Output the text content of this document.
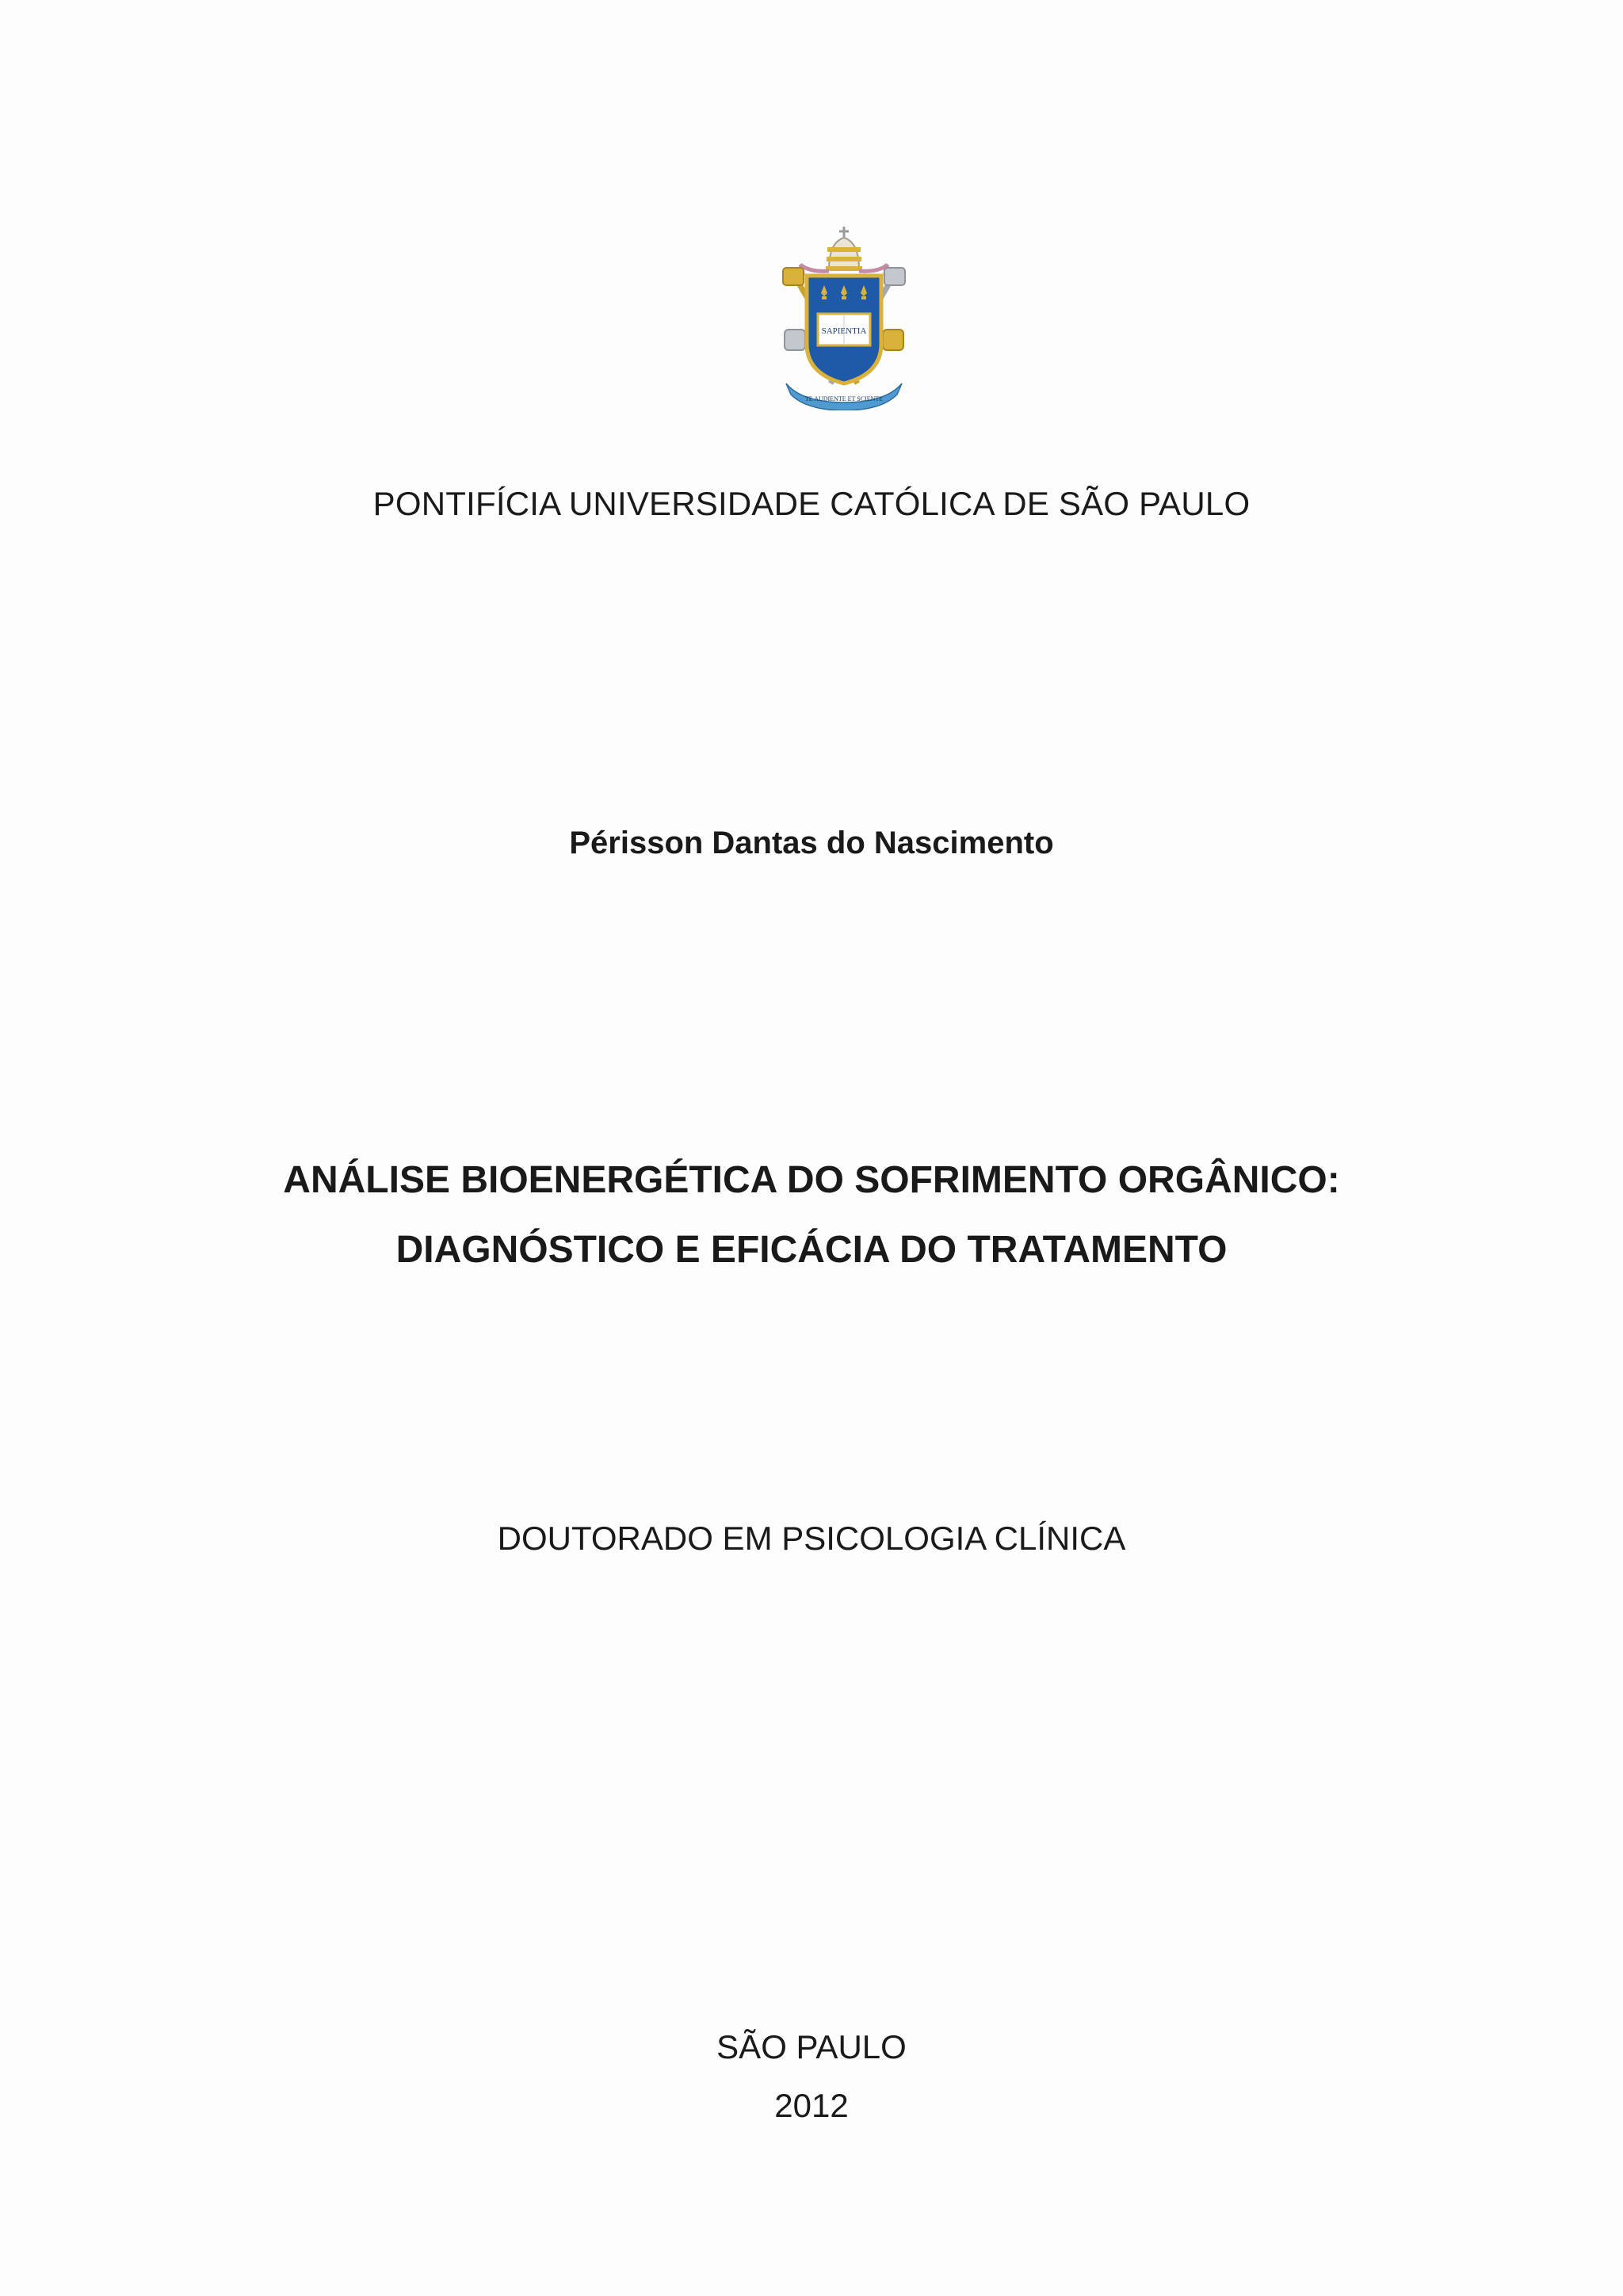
SAPIENTIA
TE AUDIENTE ET SCIENTE
PONTIFÍCIA UNIVERSIDADE CATÓLICA DE SÃO PAULO
Périsson Dantas do Nascimento
ANÁLISE BIOENERGÉTICA DO SOFRIMENTO ORGÂNICO:
DIAGNÓSTICO E EFICÁCIA DO TRATAMENTO
DOUTORADO EM PSICOLOGIA CLÍNICA
SÃO PAULO
2012
